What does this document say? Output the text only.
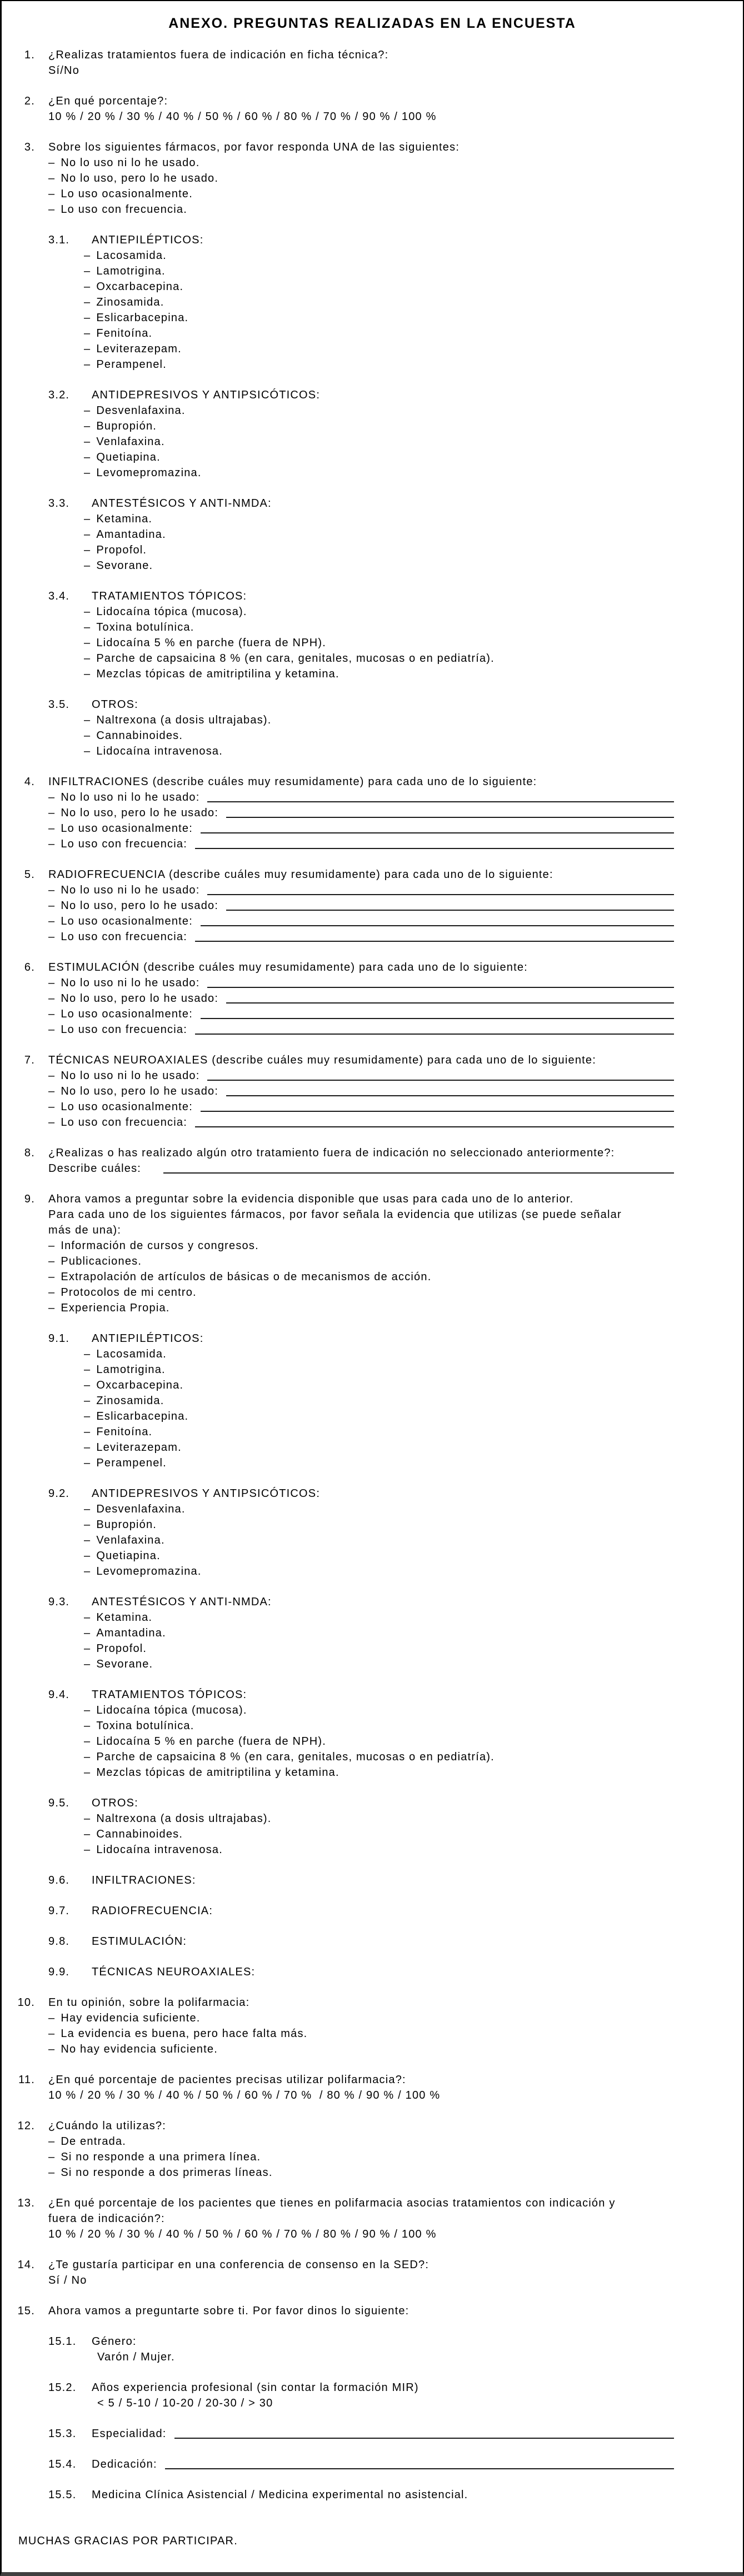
ANEXO. PREGUNTAS REALIZADAS EN LA ENCUESTA
1. ¿Realizas tratamientos fuera de indicación en ficha técnica?:
Sí/No
2. ¿En qué porcentaje?:
10 % / 20 % / 30 % / 40 % / 50 % / 60 % / 80 % / 70 % / 90 % / 100 %
3. Sobre los siguientes fármacos, por favor responda UNA de las siguientes:
– No lo uso ni lo he usado.
– No lo uso, pero lo he usado.
– Lo uso ocasionalmente.
– Lo uso con frecuencia.
3.1.	ANTIEPILÉPTICOS:
– Lacosamida.
– Lamotrigina.
– Oxcarbacepina.
– Zinosamida.
– Eslicarbacepina.
– Fenitoína.
– Leviterazepam.
– Perampenel.
3.2.	ANTIDEPRESIVOS Y ANTIPSICÓTICOS:
– Desvenlafaxina.
– Bupropión.
– Venlafaxina.
– Quetiapina.
– Levomepromazina.
3.3.	ANTESTÉSICOS Y ANTI-NMDA:
– Ketamina.
– Amantadina.
– Propofol.
– Sevorane.
3.4.	TRATAMIENTOS TÓPICOS:
– Lidocaína tópica (mucosa).
– Toxina botulínica.
– Lidocaína 5 % en parche (fuera de NPH).
– Parche de capsaicina 8 % (en cara, genitales, mucosas o en pediatría).
– Mezclas tópicas de amitriptilina y ketamina.
3.5.	OTROS:
– Naltrexona (a dosis ultrajabas).
– Cannabinoides.
– Lidocaína intravenosa.
4. INFILTRACIONES (describe cuáles muy resumidamente) para cada uno de lo siguiente:
– No lo uso ni lo he usado:
– No lo uso, pero lo he usado:
– Lo uso ocasionalmente:
– Lo uso con frecuencia:
5. RADIOFRECUENCIA (describe cuáles muy resumidamente) para cada uno de lo siguiente:
– No lo uso ni lo he usado:
– No lo uso, pero lo he usado:
– Lo uso ocasionalmente:
– Lo uso con frecuencia:
6. ESTIMULACIÓN (describe cuáles muy resumidamente) para cada uno de lo siguiente:
– No lo uso ni lo he usado:
– No lo uso, pero lo he usado:
– Lo uso ocasionalmente:
– Lo uso con frecuencia:
7. TÉCNICAS NEUROAXIALES (describe cuáles muy resumidamente) para cada uno de lo siguiente:
– No lo uso ni lo he usado:
– No lo uso, pero lo he usado:
– Lo uso ocasionalmente:
– Lo uso con frecuencia:
8. ¿Realizas o has realizado algún otro tratamiento fuera de indicación no seleccionado anteriormente?:
Describe cuáles:
9. Ahora vamos a preguntar sobre la evidencia disponible que usas para cada uno de lo anterior.
Para cada uno de los siguientes fármacos, por favor señala la evidencia que utilizas (se puede señalar
más de una):
– Información de cursos y congresos.
– Publicaciones.
– Extrapolación de artículos de básicas o de mecanismos de acción.
– Protocolos de mi centro.
– Experiencia Propia.
9.1.	ANTIEPILÉPTICOS:
– Lacosamida.
– Lamotrigina.
– Oxcarbacepina.
– Zinosamida.
– Eslicarbacepina.
– Fenitoína.
– Leviterazepam.
– Perampenel.
9.2.	ANTIDEPRESIVOS Y ANTIPSICÓTICOS:
– Desvenlafaxina.
– Bupropión.
– Venlafaxina.
– Quetiapina.
– Levomepromazina.
9.3.	ANTESTÉSICOS Y ANTI-NMDA:
– Ketamina.
– Amantadina.
– Propofol.
– Sevorane.
9.4.	TRATAMIENTOS TÓPICOS:
– Lidocaína tópica (mucosa).
– Toxina botulínica.
– Lidocaína 5 % en parche (fuera de NPH).
– Parche de capsaicina 8 % (en cara, genitales, mucosas o en pediatría).
– Mezclas tópicas de amitriptilina y ketamina.
9.5.	OTROS:
– Naltrexona (a dosis ultrajabas).
– Cannabinoides.
– Lidocaína intravenosa.
9.6.	INFILTRACIONES:
9.7.	RADIOFRECUENCIA:
9.8.	ESTIMULACIÓN:
9.9.	TÉCNICAS NEUROAXIALES:
10. En tu opinión, sobre la polifarmacia:
– Hay evidencia suficiente.
– La evidencia es buena, pero hace falta más.
– No hay evidencia suficiente.
11. ¿En qué porcentaje de pacientes precisas utilizar polifarmacia?:
10 % / 20 % / 30 % / 40 % / 50 % / 60 % / 70 %  / 80 % / 90 % / 100 %
12. ¿Cuándo la utilizas?:
– De entrada.
– Si no responde a una primera línea.
– Si no responde a dos primeras líneas.
13. ¿En qué porcentaje de los pacientes que tienes en polifarmacia asocias tratamientos con indicación y
fuera de indicación?:
10 % / 20 % / 30 % / 40 % / 50 % / 60 % / 70 % / 80 % / 90 % / 100 %
14. ¿Te gustaría participar en una conferencia de consenso en la SED?:
Sí / No
15. Ahora vamos a preguntarte sobre ti. Por favor dinos lo siguiente:
15.1.	Género:
Varón / Mujer.
15.2.	Años experiencia profesional (sin contar la formación MIR)
< 5 / 5-10 / 10-20 / 20-30 / > 30
15.3.	Especialidad:
15.4.	Dedicación:
15.5.	Medicina Clínica Asistencial / Medicina experimental no asistencial.
MUCHAS GRACIAS POR PARTICIPAR.
